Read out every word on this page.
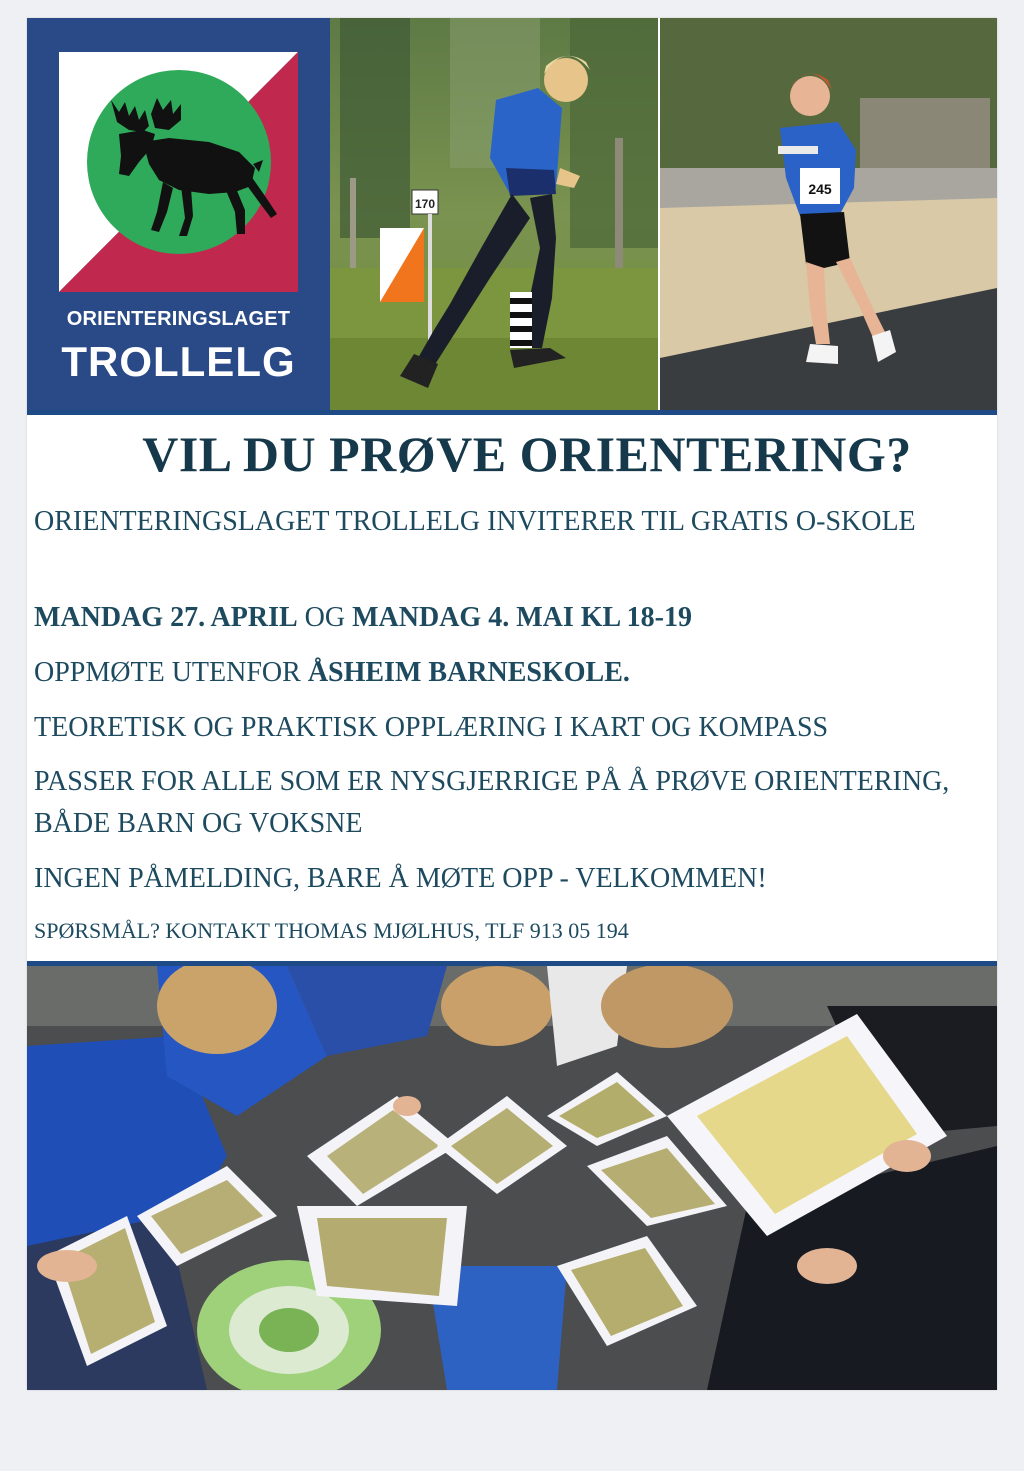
ORIENTERINGSLAGET
TROLLELG
170
245
VIL DU PRØVE ORIENTERING?

ORIENTERINGSLAGET TROLLELG INVITERER TIL GRATIS O-SKOLE

MANDAG 27. APRIL OG MANDAG 4. MAI KL 18-19

OPPMØTE UTENFOR ÅSHEIM BARNESKOLE.

TEORETISK OG PRAKTISK OPPLÆRING I KART OG KOMPASS

PASSER FOR ALLE SOM ER NYSGJERRIGE PÅ Å PRØVE ORIENTERING, BÅDE BARN OG VOKSNE

INGEN PÅMELDING, BARE Å MØTE OPP - VELKOMMEN!

SPØRSMÅL? KONTAKT THOMAS MJØLHUS, TLF 913 05 194
